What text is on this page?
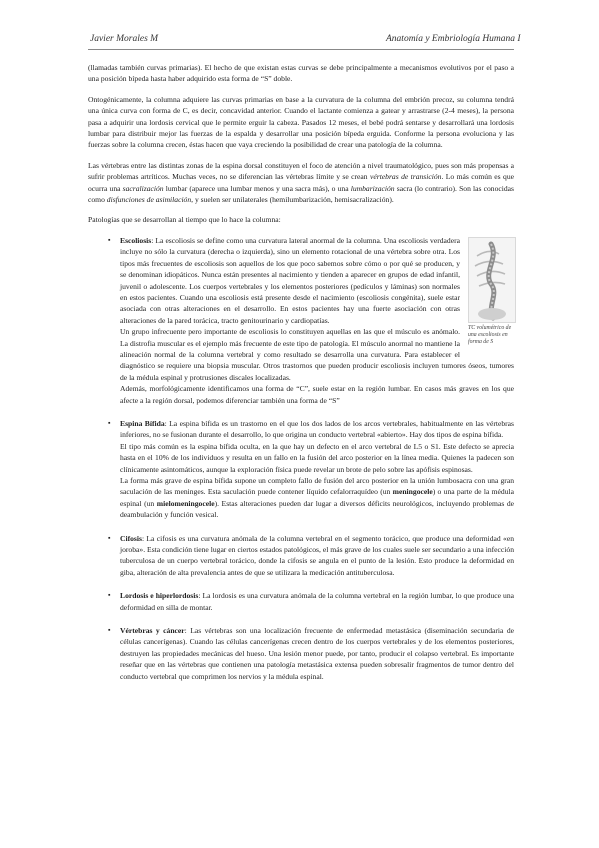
Javier Morales M	Anatomía y Embriología Humana I

(llamadas también curvas primarias). El hecho de que existan estas curvas se debe principalmente a mecanismos evolutivos por el paso a una posición bípeda hasta haber adquirido esta forma de “S” doble.

Ontogénicamente, la columna adquiere las curvas primarias en base a la curvatura de la columna del embrión precoz, su columna tendrá una única curva con forma de C, es decir, concavidad anterior. Cuando el lactante comienza a gatear y arrastrarse (2-4 meses), la persona pasa a adquirir una lordosis cervical que le permite erguir la cabeza. Pasados 12 meses, el bebé podrá sentarse y desarrollará una lordosis lumbar para distribuir mejor las fuerzas de la espalda y desarrollar una posición bípeda erguida. Conforme la persona evoluciona y las fuerzas sobre la columna crecen, éstas hacen que vaya creciendo la posibilidad de crear una patología de la columna.

Las vértebras entre las distintas zonas de la espina dorsal constituyen el foco de atención a nivel traumatológico, pues son más propensas a sufrir problemas artríticos. Muchas veces, no se diferencian las vértebras límite y se crean vértebras de transición. Lo más común es que ocurra una sacralización lumbar (aparece una lumbar menos y una sacra más), o una lumbarización sacra (lo contrario). Son las conocidas como disfunciones de asimilación, y suelen ser unilaterales (hemilumbarización, hemisacralización).

Patologías que se desarrollan al tiempo que lo hace la columna:

▪
TC volumétrico de una escoliosis en forma de S
Escoliosis: La escoliosis se define como una curvatura lateral anormal de la columna. Una escoliosis verdadera incluye no sólo la curvatura (derecha o izquierda), sino un elemento rotacional de una vértebra sobre otra. Los tipos más frecuentes de escoliosis son aquellos de los que poco sabemos sobre cómo o por qué se producen, y se denominan idiopáticos. Nunca están presentes al nacimiento y tienden a aparecer en grupos de edad infantil, juvenil o adolescente. Los cuerpos vertebrales y los elementos posteriores (pedículos y láminas) son normales en estos pacientes. Cuando una escoliosis está presente desde el nacimiento (escoliosis congénita), suele estar asociada con otras alteraciones en el desarrollo. En estos pacientes hay una fuerte asociación con otras alteraciones de la pared torácica, tracto genitourinario y cardiopatías.
Un grupo infrecuente pero importante de escoliosis lo constituyen aquellas en las que el músculo es anómalo. La distrofia muscular es el ejemplo más frecuente de este tipo de patología. El músculo anormal no mantiene la alineación normal de la columna vertebral y como resultado se desarrolla una curvatura. Para establecer el diagnóstico se requiere una biopsia muscular. Otros trastornos que pueden producir escoliosis incluyen tumores óseos, tumores de la médula espinal y protrusiones discales localizadas.
Además, morfológicamente identificamos una forma de “C”, suele estar en la región lumbar. En casos más graves en los que afecte a la región dorsal, podemos diferenciar también una forma de “S”
▪ Espina Bífida: La espina bífida es un trastorno en el que los dos lados de los arcos vertebrales, habitualmente en las vértebras inferiores, no se fusionan durante el desarrollo, lo que origina un conducto vertebral «abierto». Hay dos tipos de espina bífida.
El tipo más común es la espina bífida oculta, en la que hay un defecto en el arco vertebral de L5 o S1. Este defecto se aprecia hasta en el 10% de los individuos y resulta en un fallo en la fusión del arco posterior en la línea media. Quienes la padecen son clínicamente asintomáticos, aunque la exploración física puede revelar un brote de pelo sobre las apófisis espinosas.
La forma más grave de espina bífida supone un completo fallo de fusión del arco posterior en la unión lumbosacra con una gran saculación de las meninges. Esta saculación puede contener líquido cefalorraquídeo (un meningocele) o una parte de la médula espinal (un mielomeningocele). Estas alteraciones pueden dar lugar a diversos déficits neurológicos, incluyendo problemas de deambulación y función vesical.
▪ Cifosis: La cifosis es una curvatura anómala de la columna vertebral en el segmento torácico, que produce una deformidad «en joroba». Esta condición tiene lugar en ciertos estados patológicos, el más grave de los cuales suele ser secundario a una infección tuberculosa de un cuerpo vertebral torácico, donde la cifosis se angula en el punto de la lesión. Esto produce la deformidad en giba, alteración de alta prevalencia antes de que se utilizara la medicación antituberculosa.
▪ Lordosis e hiperlordosis: La lordosis es una curvatura anómala de la columna vertebral en la región lumbar, lo que produce una deformidad en silla de montar.
▪ Vértebras y cáncer: Las vértebras son una localización frecuente de enfermedad metastásica (diseminación secundaria de células cancerígenas). Cuando las células cancerígenas crecen dentro de los cuerpos vertebrales y de los elementos posteriores, destruyen las propiedades mecánicas del hueso. Una lesión menor puede, por tanto, producir el colapso vertebral. Es importante reseñar que en las vértebras que contienen una patología metastásica extensa pueden sobresalir fragmentos de tumor dentro del conducto vertebral que comprimen los nervios y la médula espinal.
